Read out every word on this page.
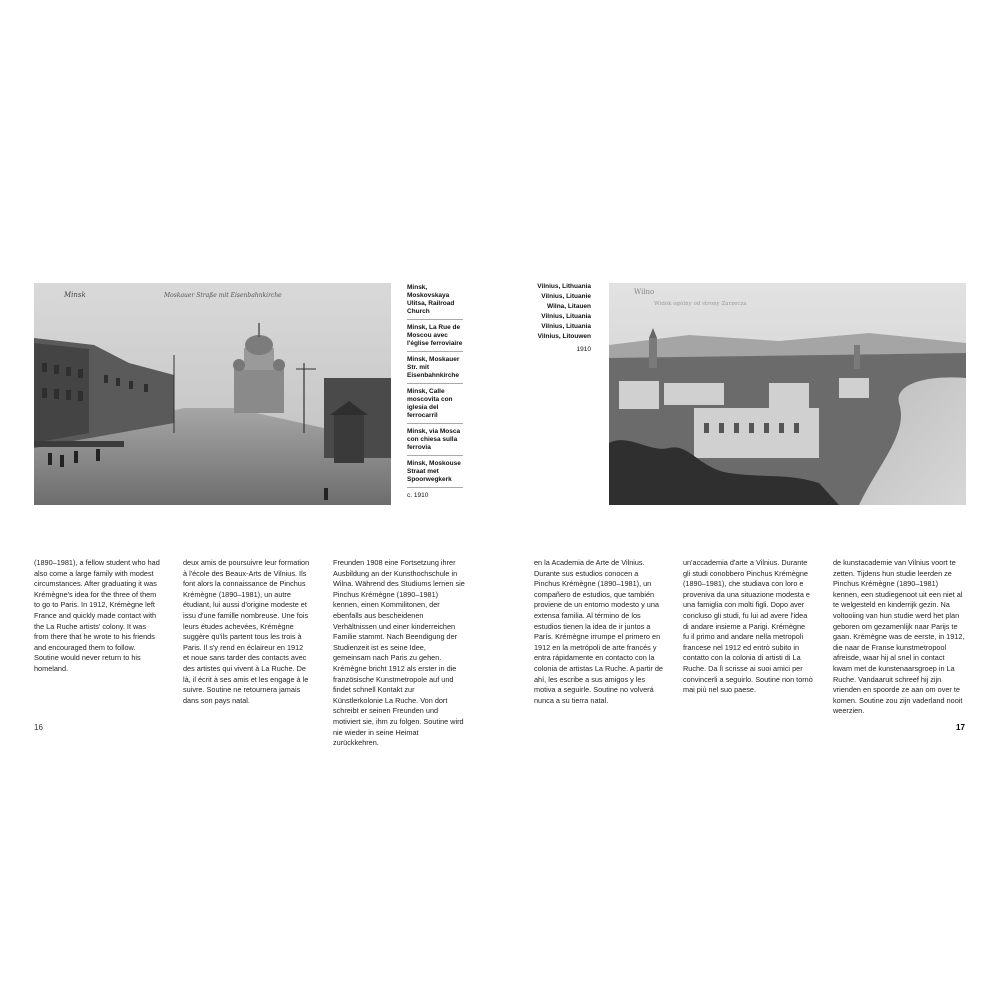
Minsk	Moskauer Straße mit Eisenbahnkirche
Minsk, Moskovskaya Ulitsa, Railroad Church
Minsk, La Rue de Moscou avec l'église ferroviaire
Minsk, Moskauer Str. mit Eisenbahnkirche
Minsk, Calle moscovita con iglesia del ferrocarril
Minsk, via Mosca con chiesa sulla ferrovia
Minsk, Moskouse Straat met Spoorwegkerk
c. 1910
(1890–1981), a fellow student who had also come a large family with modest circumstances. After graduating it was Krémègne's idea for the three of them to go to Paris. In 1912, Krémègne left France and quickly made contact with the La Ruche artists' colony. It was from there that he wrote to his friends and encouraged them to follow. Soutine would never return to his homeland.
deux amis de poursuivre leur formation à l'école des Beaux-Arts de Vilnius. Ils font alors la connaissance de Pinchus Krémègne (1890–1981), un autre étudiant, lui aussi d'origine modeste et issu d'une famille nombreuse. Une fois leurs études achevées, Krémègne suggère qu'ils partent tous les trois à Paris. Il s'y rend en éclaireur en 1912 et noue sans tarder des contacts avec des artistes qui vivent à La Ruche. De là, il écrit à ses amis et les engage à le suivre. Soutine ne retournera jamais dans son pays natal.
Freunden 1908 eine Fortsetzung ihrer Ausbildung an der Kunsthochschule in Wilna. Während des Studiums lernen sie Pinchus Krémègne (1890–1981) kennen, einen Kommilitonen, der ebenfalls aus bescheidenen Verhältnissen und einer kinderreichen Familie stammt. Nach Beendigung der Studienzeit ist es seine Idee, gemeinsam nach Paris zu gehen. Krémègne bricht 1912 als erster in die französische Kunstmetropole auf und findet schnell Kontakt zur Künstlerkolonie La Ruche. Von dort schreibt er seinen Freunden und motiviert sie, ihm zu folgen. Soutine wird nie wieder in seine Heimat zurückkehren.
16
Vilnius, Lithuania
Vilnius, Lituanie
Wilna, Litauen
Vilnius, Lituania
Vilnius, Lituania
Vilnius, Litouwen
1910
Wilno
Widok ogólny od strony Zarzecza
en la Academia de Arte de Vilnius. Durante sus estudios conocen a Pinchus Krémègne (1890–1981), un compañero de estudios, que también proviene de un entorno modesto y una extensa familia. Al término de los estudios tienen la idea de ir juntos a París. Krémègne irrumpe el primero en 1912 en la metrópoli de arte francés y entra rápidamente en contacto con la colonia de artistas La Ruche. A partir de ahí, les escribe a sus amigos y les motiva a seguirle. Soutine no volverá nunca a su tierra natal.
un'accademia d'arte a Vilnius. Durante gli studi conobbero Pinchus Krémègne (1890–1981), che studiava con loro e proveniva da una situazione modesta e una famiglia con molti figli. Dopo aver concluso gli studi, fu lui ad avere l'idea di andare insieme a Parigi. Krémègne fu il primo and andare nella metropoli francese nel 1912 ed entrò subito in contatto con la colonia di artisti di La Ruche. Da lì scrisse ai suoi amici per convincerli a seguirlo. Soutine non tornò mai più nel suo paese.
de kunstacademie van Vilnius voort te zetten. Tijdens hun studie leerden ze Pinchus Krémègne (1890–1981) kennen, een studiegenoot uit een niet al te welgesteld en kinderrijk gezin. Na voltooiing van hun studie werd het plan geboren om gezamenlijk naar Parijs te gaan. Krémègne was de eerste, in 1912, die naar de Franse kunstmetropool afreisde, waar hij al snel in contact kwam met de kunstenaarsgroep in La Ruche. Vandaaruit schreef hij zijn vrienden en spoorde ze aan om over te komen. Soutine zou zijn vaderland nooit weerzien.
17
